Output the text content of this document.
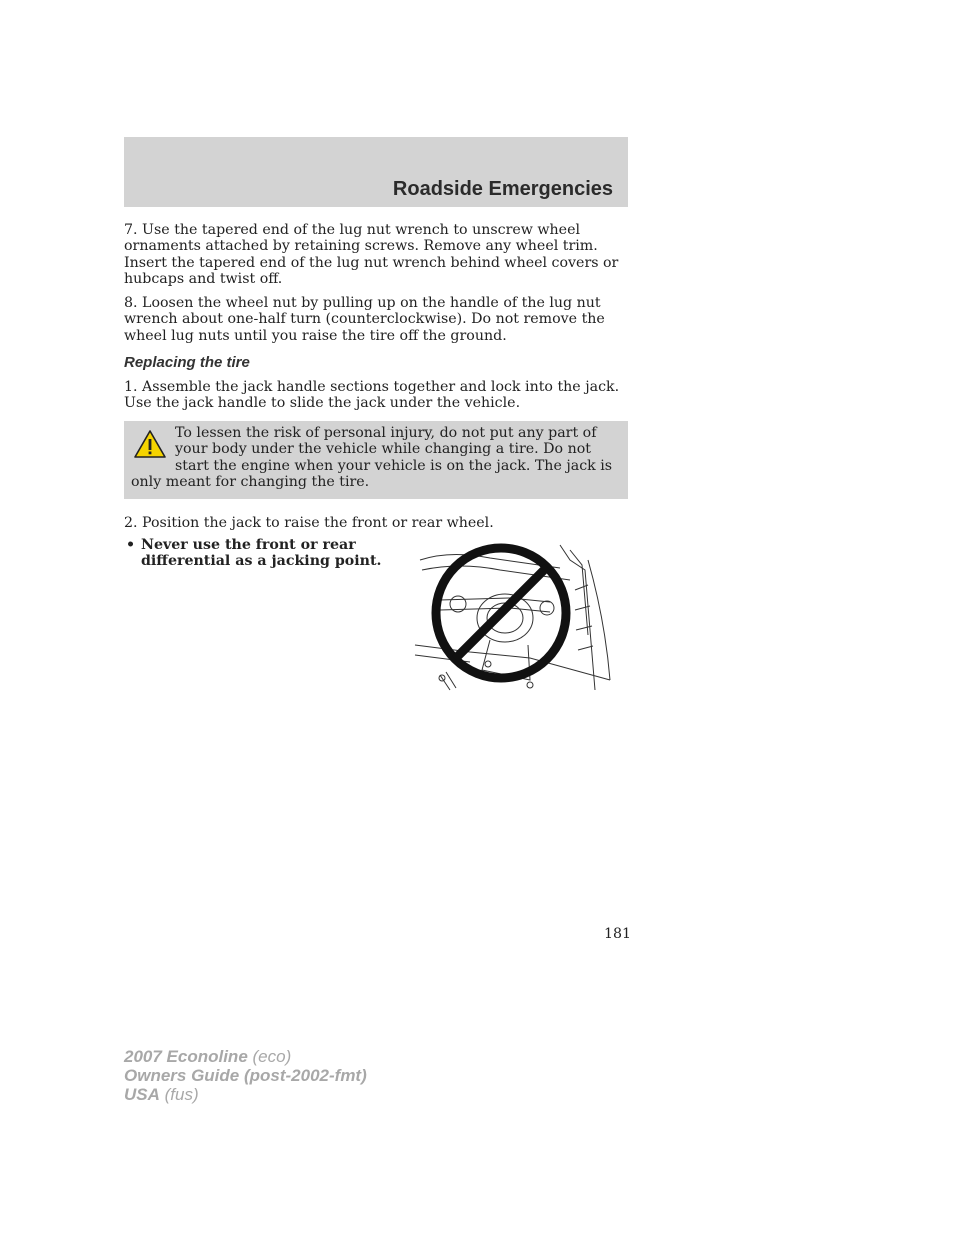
Roadside Emergencies

7. Use the tapered end of the lug nut wrench to unscrew wheel ornaments attached by retaining screws. Remove any wheel trim. Insert the tapered end of the lug nut wrench behind wheel covers or hubcaps and twist off.

8. Loosen the wheel nut by pulling up on the handle of the lug nut wrench about one-half turn (counterclockwise). Do not remove the wheel lug nuts until you raise the tire off the ground.

Replacing the tire

1. Assemble the jack handle sections together and lock into the jack. Use the jack handle to slide the jack under the vehicle.

To lessen the risk of personal injury, do not put any part of your body under the vehicle while changing a tire. Do not start the engine when your vehicle is on the jack. The jack is only meant for changing the tire.

2. Position the jack to raise the front or rear wheel.

• Never use the front or rear differential as a jacking point.

181

2007 Econoline (eco)
Owners Guide (post-2002-fmt)
USA (fus)
